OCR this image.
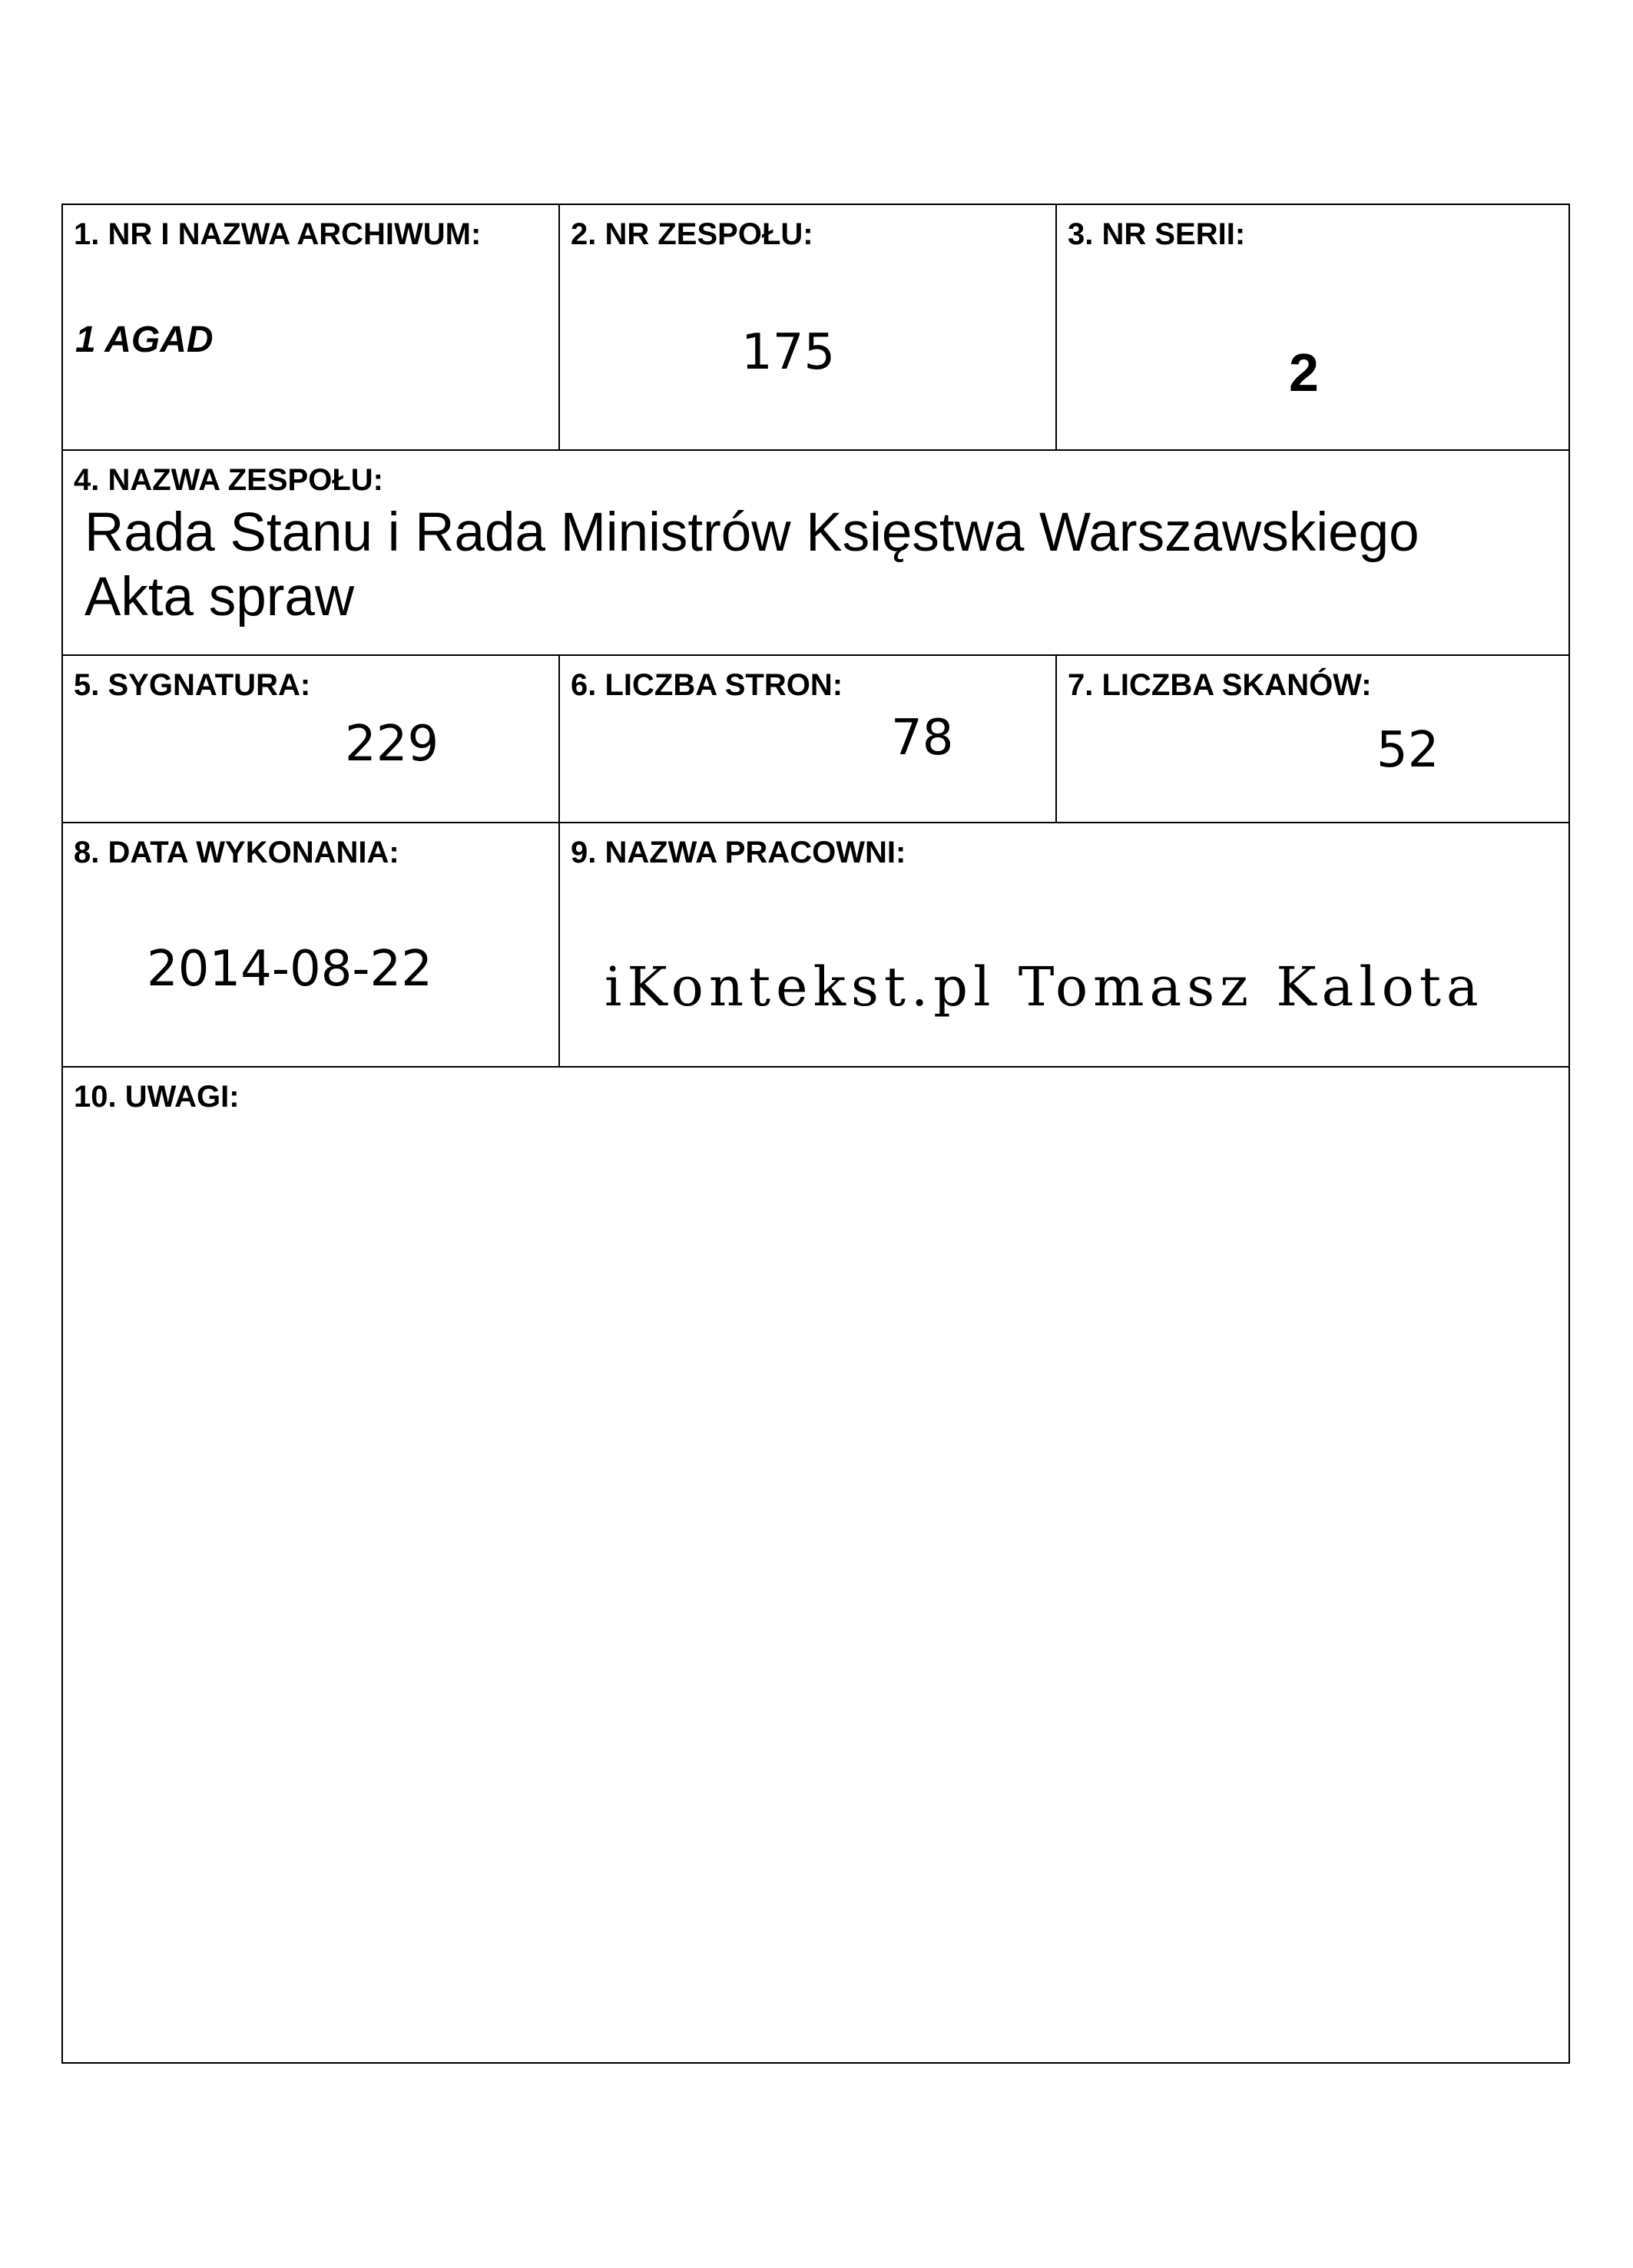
1. NR I NAZWA ARCHIWUM:
1 AGAD
2. NR ZESPOŁU:
175
3. NR SERII:
2
4. NAZWA ZESPOŁU:
Rada Stanu i Rada Ministrów Księstwa Warszawskiego
Akta spraw
5. SYGNATURA:
229
6. LICZBA STRON:
78
7. LICZBA SKANÓW:
52
8. DATA WYKONANIA:
2014-08-22
9. NAZWA PRACOWNI:
iKontekst.pl Tomasz Kalota
10. UWAGI:
